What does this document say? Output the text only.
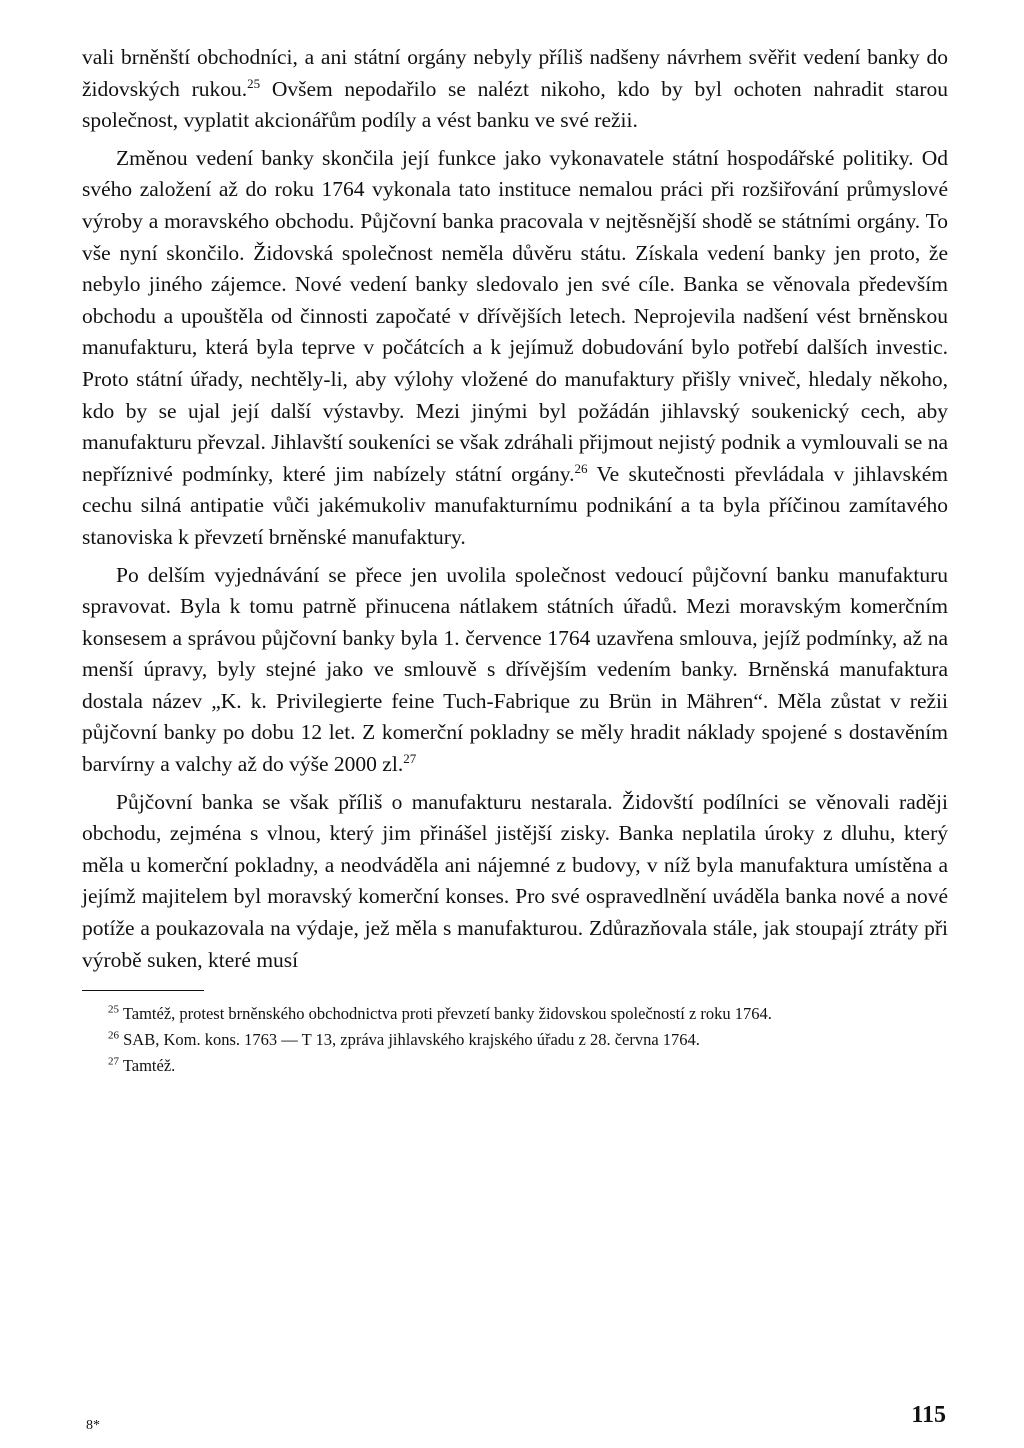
vali brněnští obchodníci, a ani státní orgány nebyly příliš nadšeny návrhem svěřit vedení banky do židovských rukou.$^{25}$ Ovšem nepodařilo se nalézt nikoho, kdo by byl ochoten nahradit starou společnost, vyplatit akcionářům podíly a vést banku ve své režii.

Změnou vedení banky skončila její funkce jako vykonavatele státní hospodářské politiky. Od svého založení až do roku 1764 vykonala tato instituce nemalou práci při rozšiřování průmyslové výroby a moravského obchodu. Půjčovní banka pracovala v nejtěsnější shodě se státními orgány. To vše nyní skončilo. Židovská společnost neměla důvěru státu. Získala vedení banky jen proto, že nebylo jiného zájemce. Nové vedení banky sledovalo jen své cíle. Banka se věnovala především obchodu a upouštěla od činnosti započaté v dřívějších letech. Neprojevila nadšení vést brněnskou manufakturu, která byla teprve v počátcích a k jejímuž dobudování bylo potřebí dalších investic. Proto státní úřady, nechtěly-li, aby výlohy vložené do manufaktury přišly vniveč, hledaly někoho, kdo by se ujal její další výstavby. Mezi jinými byl požádán jihlavský soukenický cech, aby manufakturu převzal. Jihlavští soukeníci se však zdráhali přijmout nejistý podnik a vymlouvali se na nepříznivé podmínky, které jim nabízely státní orgány.$^{26}$ Ve skutečnosti převládala v jihlavském cechu silná antipatie vůči jakémukoliv manufakturnímu podnikání a ta byla příčinou zamítavého stanoviska k převzetí brněnské manufaktury.

Po delším vyjednávání se přece jen uvolila společnost vedoucí půjčovní banku manufakturu spravovat. Byla k tomu patrně přinucena nátlakem státních úřadů. Mezi moravským komerčním konsesem a správou půjčovní banky byla 1. července 1764 uzavřena smlouva, jejíž podmínky, až na menší úpravy, byly stejné jako ve smlouvě s dřívějším vedením banky. Brněnská manufaktura dostala název „K. k. Privilegierte feine Tuch-Fabrique zu Brün in Mähren“. Měla zůstat v režii půjčovní banky po dobu 12 let. Z komerční pokladny se měly hradit náklady spojené s dostavěním barvírny a valchy až do výše 2000 zl.$^{27}$

Půjčovní banka se však příliš o manufakturu nestarala. Židovští podílníci se věnovali raději obchodu, zejména s vlnou, který jim přinášel jistější zisky. Banka neplatila úroky z dluhu, který měla u komerční pokladny, a neodváděla ani nájemné z budovy, v níž byla manufaktura umístěna a jejímž majitelem byl moravský komerční konses. Pro své ospravedlnění uváděla banka nové a nové potíže a poukazovala na výdaje, jež měla s manufakturou. Zdůrazňovala stále, jak stoupají ztráty při výrobě suken, které musí

$^{25}$ Tamtéž, protest brněnského obchodnictva proti převzetí banky židovskou společností z roku 1764.

$^{26}$ SAB, Kom. kons. 1763 — T 13, zpráva jihlavského krajského úřadu z 28. června 1764.

$^{27}$ Tamtéž.

8*	115
